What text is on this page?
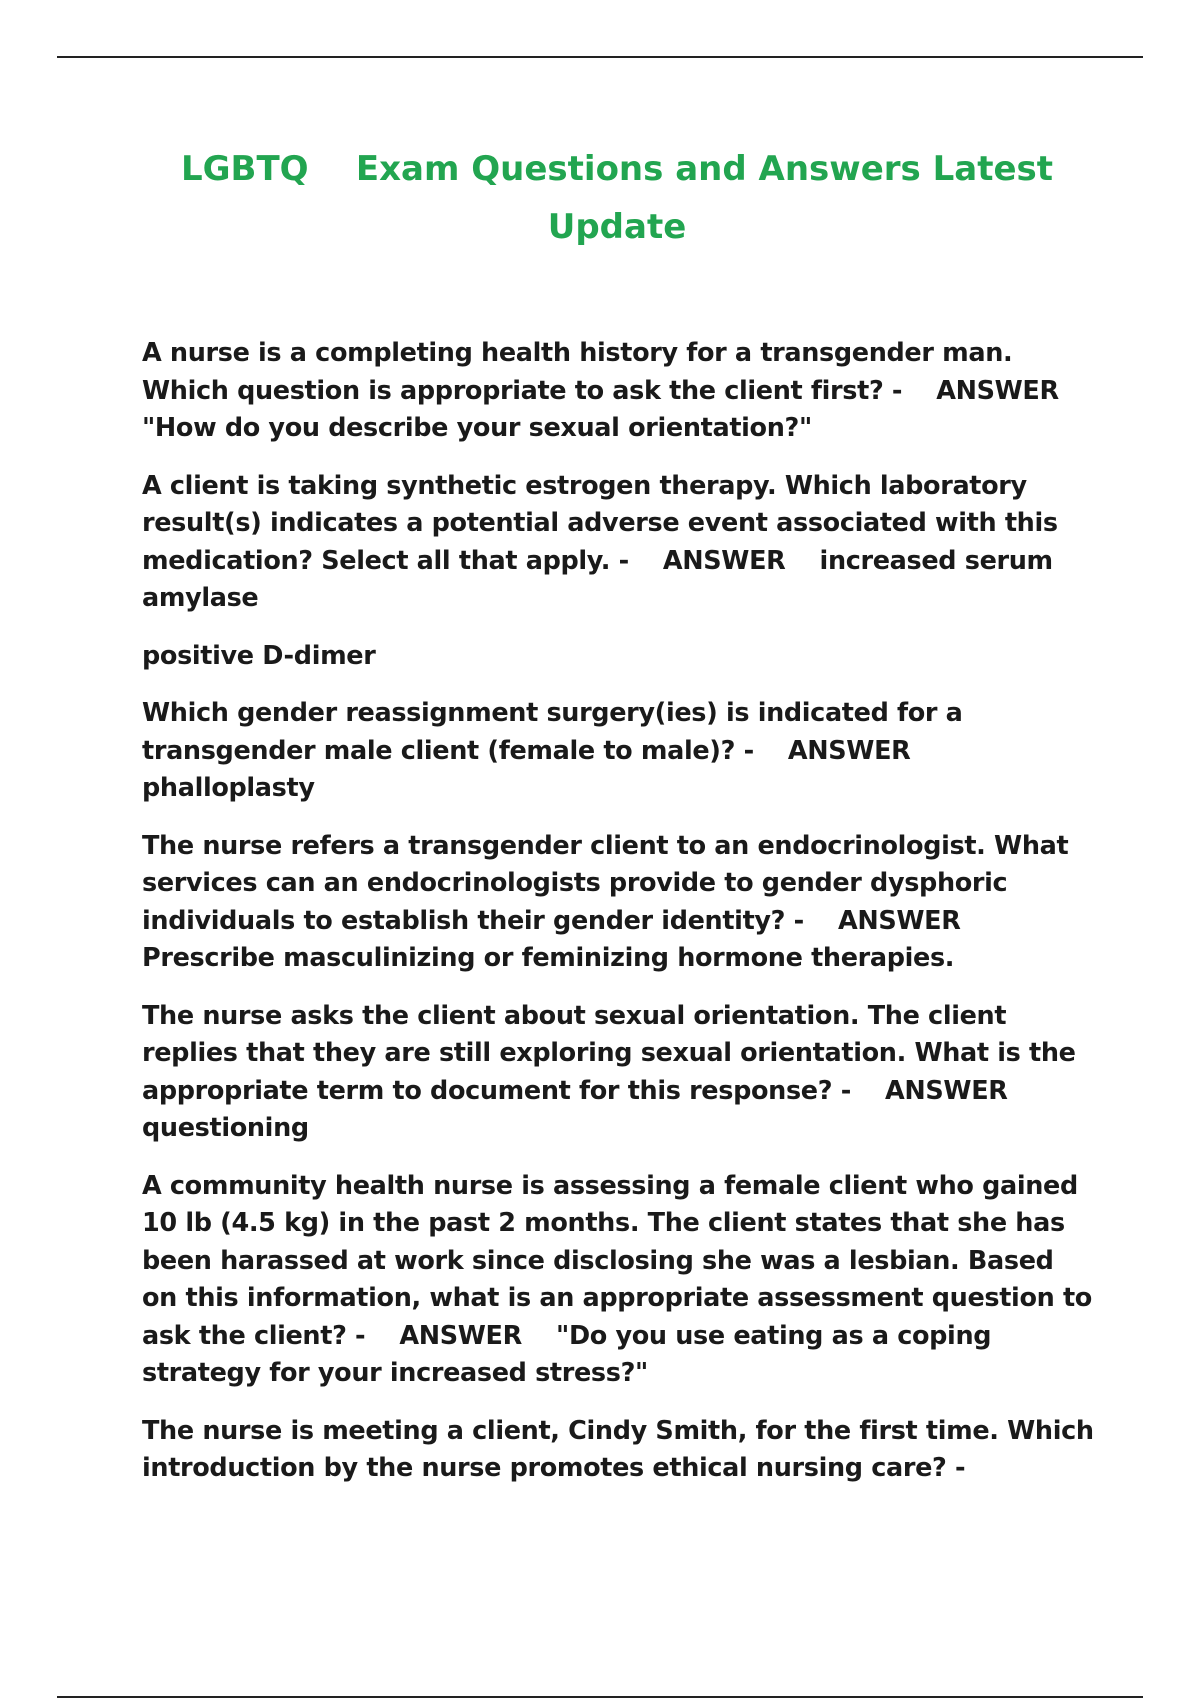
LGBTQ    Exam Questions and Answers Latest Update

A nurse is a completing health history for a transgender man. Which question is appropriate to ask the client first? -    ANSWER    "How do you describe your sexual orientation?"

A client is taking synthetic estrogen therapy. Which laboratory result(s) indicates a potential adverse event associated with this medication? Select all that apply. -    ANSWER    increased serum amylase

positive D-dimer

Which gender reassignment surgery(ies) is indicated for a transgender male client (female to male)? -    ANSWER    phalloplasty

The nurse refers a transgender client to an endocrinologist. What services can an endocrinologists provide to gender dysphoric individuals to establish their gender identity? -    ANSWER    Prescribe masculinizing or feminizing hormone therapies.

The nurse asks the client about sexual orientation. The client replies that they are still exploring sexual orientation. What is the appropriate term to document for this response? -    ANSWER    questioning

A community health nurse is assessing a female client who gained 10 lb (4.5 kg) in the past 2 months. The client states that she has been harassed at work since disclosing she was a lesbian. Based on this information, what is an appropriate assessment question to ask the client? -    ANSWER    "Do you use eating as a coping strategy for your increased stress?"

The nurse is meeting a client, Cindy Smith, for the first time. Which introduction by the nurse promotes ethical nursing care? -
